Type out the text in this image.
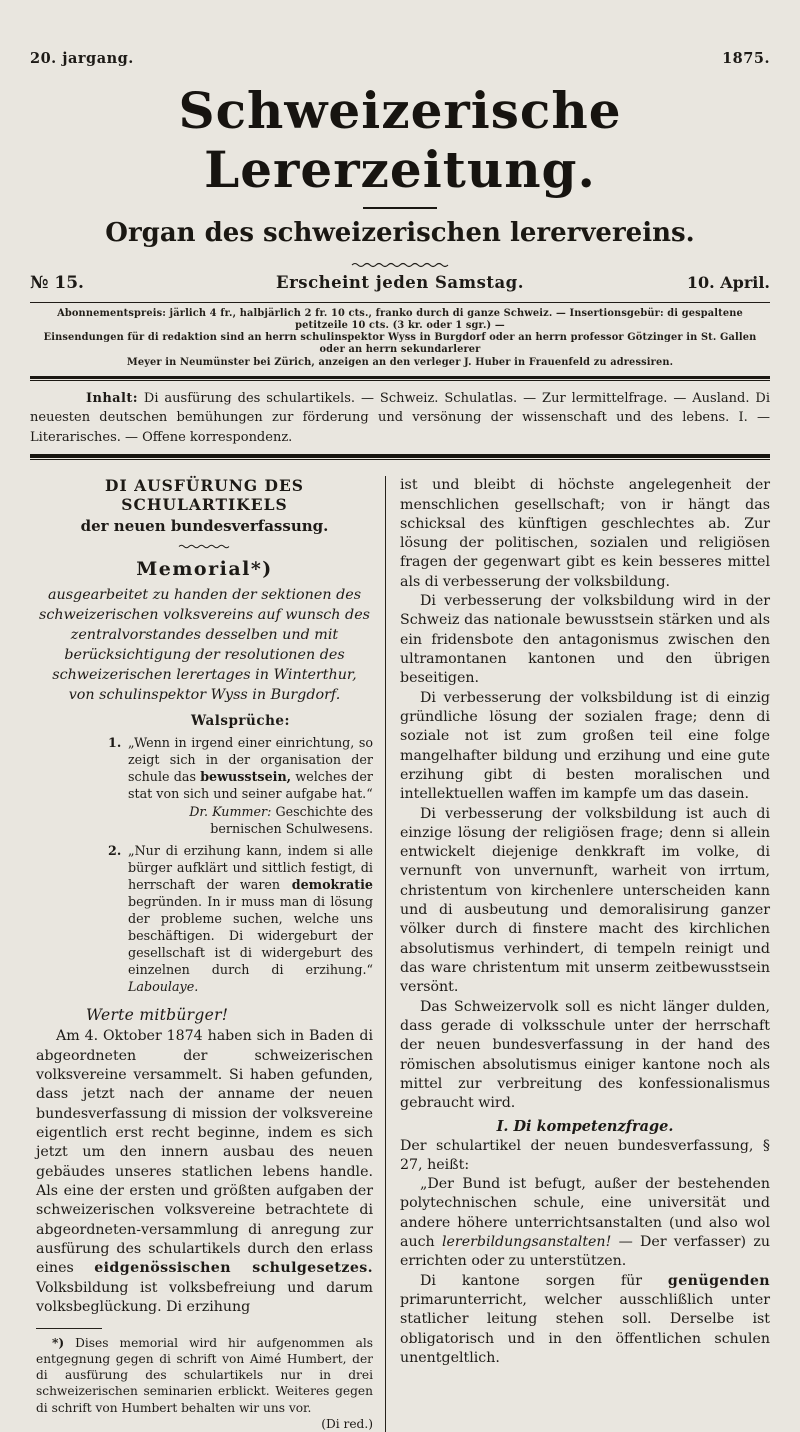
20. jargang.	1875.
Schweizerische Lererzeitung.
Organ des schweizerischen lerervereins.
№ 15.	Erscheint jeden Samstag.	10. April.
Abonnementspreis: järlich 4 fr., halbjärlich 2 fr. 10 cts., franko durch di ganze Schweiz. — Insertionsgebür: di gespaltene petitzeile 10 cts. (3 kr. oder 1 sgr.) —
Einsendungen für di redaktion sind an herrn schulinspektor Wyss in Burgdorf oder an herrn professor Götzinger in St. Gallen oder an herrn sekundarlerer
Meyer in Neumünster bei Zürich, anzeigen an den verleger J. Huber in Frauenfeld zu adressiren.

Inhalt: Di ausfürung des schulartikels. — Schweiz. Schulatlas. — Zur lermittelfrage. — Ausland. Di neuesten deutschen bemühungen zur förderung und versönung der wissenschaft und des lebens. I. — Literarisches. — Offene korrespondenz.

DI AUSFÜRUNG DES SCHULARTIKELS
der neuen bundesverfassung.
Memorial*)
ausgearbeitet zu handen der sektionen des schweizerischen volksvereins auf wunsch des zentralvorstandes desselben und mit berücksichtigung der resolutionen des schweizerischen lerertages in Winterthur,
von schulinspektor Wyss in Burgdorf.
Walsprüche:
1. „Wenn in irgend einer einrichtung, so zeigt sich in der organisation der schule das bewusstsein, welches der stat von sich und seiner aufgabe hat.“
Dr. Kummer: Geschichte des bernischen Schulwesens.
2. „Nur di erzihung kann, indem si alle bürger aufklärt und sittlich festigt, di herrschaft der waren demokratie begründen. In ir muss man di lösung der probleme suchen, welche uns beschäftigen. Di widergeburt der gesellschaft ist di widergeburt des einzelnen durch di erzihung.“ Laboulaye.
Werte mitbürger!

Am 4. Oktober 1874 haben sich in Baden di abgeordneten der schweizerischen volksvereine versammelt. Si haben gefunden, dass jetzt nach der anname der neuen bundesverfassung di mission der volksvereine eigentlich erst recht beginne, indem es sich jetzt um den innern ausbau des neuen gebäudes unseres statlichen lebens handle. Als eine der ersten und größten aufgaben der schweizerischen volksvereine betrachtete di abgeordneten-versammlung di anregung zur ausfürung des schulartikels durch den erlass eines eidgenössischen schulgesetzes. Volksbildung ist volksbefreiung und darum volksbeglückung. Di erzihung

*) Dises memorial wird hir aufgenommen als entgegnung gegen di schrift von Aimé Humbert, der di ausfürung des schulartikels nur in drei schweizerischen seminarien erblickt. Weiteres gegen di schrift von Humbert behalten wir uns vor.
(Di red.)

ist und bleibt di höchste angelegenheit der menschlichen gesellschaft; von ir hängt das schicksal des künftigen geschlechtes ab. Zur lösung der politischen, sozialen und religiösen fragen der gegenwart gibt es kein besseres mittel als di verbesserung der volksbildung.

Di verbesserung der volksbildung wird in der Schweiz das nationale bewusstsein stärken und als ein fridensbote den antagonismus zwischen den ultramontanen kantonen und den übrigen beseitigen.

Di verbesserung der volksbildung ist di einzig gründliche lösung der sozialen frage; denn di soziale not ist zum großen teil eine folge mangelhafter bildung und erzihung und eine gute erzihung gibt di besten moralischen und intellektuellen waffen im kampfe um das dasein.

Di verbesserung der volksbildung ist auch di einzige lösung der religiösen frage; denn si allein entwickelt diejenige denkkraft im volke, di vernunft von unvernunft, warheit von irrtum, christentum von kirchenlere unterscheiden kann und di ausbeutung und demoralisirung ganzer völker durch di finstere macht des kirchlichen absolutismus verhindert, di tempeln reinigt und das ware christentum mit unserm zeitbewusstsein versönt.

Das Schweizervolk soll es nicht länger dulden, dass gerade di volksschule unter der herrschaft der neuen bundesverfassung in der hand des römischen absolutismus einiger kantone noch als mittel zur verbreitung des konfessionalismus gebraucht wird.

I. Di kompetenzfrage.

Der schulartikel der neuen bundesverfassung, § 27, heißt:

„Der Bund ist befugt, außer der bestehenden polytechnischen schule, eine universität und andere höhere unterrichtsanstalten (und also wol auch lererbildungsanstalten! — Der verfasser) zu errichten oder zu unterstützen.

Di kantone sorgen für genügenden primarunterricht, welcher ausschlißlich unter statlicher leitung stehen soll. Derselbe ist obligatorisch und in den öffentlichen schulen unentgeltlich.
